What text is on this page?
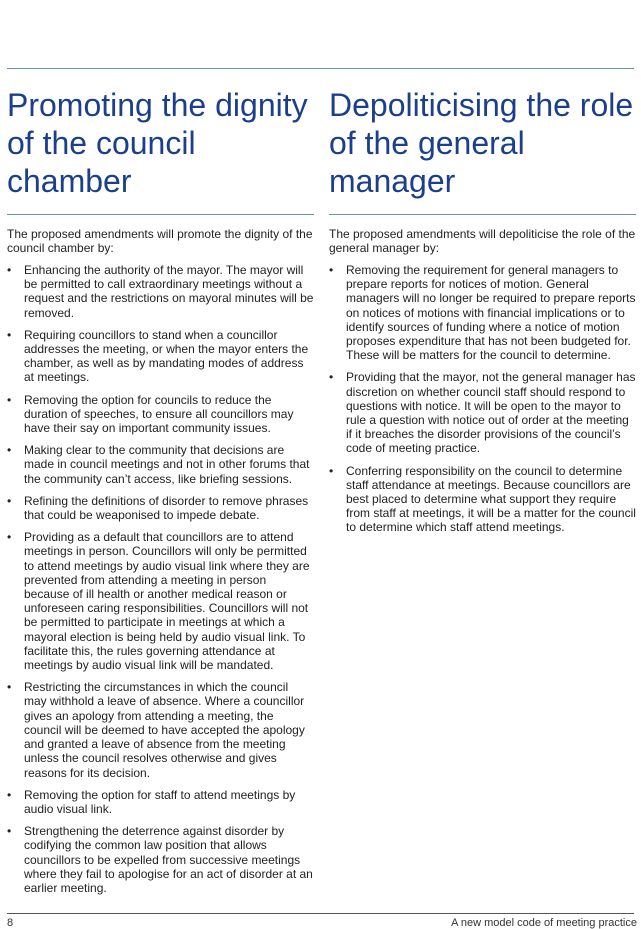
Promoting the dignity of the council chamber

The proposed amendments will promote the dignity of the council chamber by:

• Enhancing the authority of the mayor. The mayor will be permitted to call extraordinary meetings without a request and the restrictions on mayoral minutes will be removed.
• Requiring councillors to stand when a councillor addresses the meeting, or when the mayor enters the chamber, as well as by mandating modes of address at meetings.
• Removing the option for councils to reduce the duration of speeches, to ensure all councillors may have their say on important community issues.
• Making clear to the community that decisions are made in council meetings and not in other forums that the community can’t access, like briefing sessions.
• Refining the definitions of disorder to remove phrases that could be weaponised to impede debate.
• Providing as a default that councillors are to attend meetings in person. Councillors will only be permitted to attend meetings by audio visual link where they are prevented from attending a meeting in person because of ill health or another medical reason or unforeseen caring responsibilities. Councillors will not be permitted to participate in meetings at which a mayoral election is being held by audio visual link. To facilitate this, the rules governing attendance at meetings by audio visual link will be mandated.
• Restricting the circumstances in which the council may withhold a leave of absence. Where a councillor gives an apology from attending a meeting, the council will be deemed to have accepted the apology and granted a leave of absence from the meeting unless the council resolves otherwise and gives reasons for its decision.
• Removing the option for staff to attend meetings by audio visual link.
• Strengthening the deterrence against disorder by codifying the common law position that allows councillors to be expelled from successive meetings where they fail to apologise for an act of disorder at an earlier meeting.
Depoliticising the role of the general manager

The proposed amendments will depoliticise the role of the general manager by:

• Removing the requirement for general managers to prepare reports for notices of motion. General managers will no longer be required to prepare reports on notices of motions with financial implications or to identify sources of funding where a notice of motion proposes expenditure that has not been budgeted for. These will be matters for the council to determine.
• Providing that the mayor, not the general manager has discretion on whether council staff should respond to questions with notice. It will be open to the mayor to rule a question with notice out of order at the meeting if it breaches the disorder provisions of the council’s code of meeting practice.
• Conferring responsibility on the council to determine staff attendance at meetings. Because councillors are best placed to determine what support they require from staff at meetings, it will be a matter for the council to determine which staff attend meetings.
8	A new model code of meeting practice
